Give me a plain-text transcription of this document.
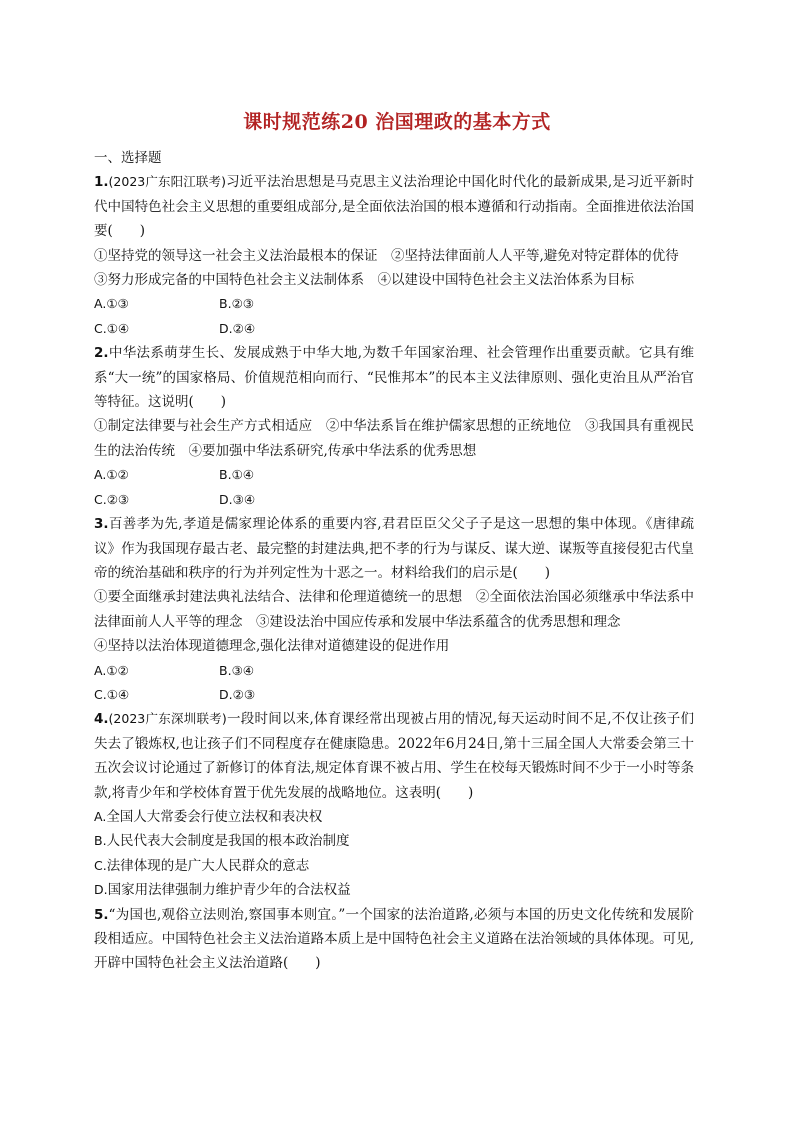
课时规范练20 治国理政的基本方式

一、选择题

1.(2023广东阳江联考)习近平法治思想是马克思主义法治理论中国化时代化的最新成果,是习近平新时代中国特色社会主义思想的重要组成部分,是全面依法治国的根本遵循和行动指南。全面推进依法治国要(　　)

①坚持党的领导这一社会主义法治最根本的保证　②坚持法律面前人人平等,避免对特定群体的优待

③努力形成完备的中国特色社会主义法制体系　④以建设中国特色社会主义法治体系为目标

A.①③	B.②③
C.①④	D.②④

2.中华法系萌芽生长、发展成熟于中华大地,为数千年国家治理、社会管理作出重要贡献。它具有维系“大一统”的国家格局、价值规范相向而行、“民惟邦本”的民本主义法律原则、强化吏治且从严治官等特征。这说明(　　)

①制定法律要与社会生产方式相适应　②中华法系旨在维护儒家思想的正统地位　③我国具有重视民生的法治传统　④要加强中华法系研究,传承中华法系的优秀思想

A.①②	B.①④
C.②③	D.③④

3.百善孝为先,孝道是儒家理论体系的重要内容,君君臣臣父父子子是这一思想的集中体现。《唐律疏议》作为我国现存最古老、最完整的封建法典,把不孝的行为与谋反、谋大逆、谋叛等直接侵犯古代皇帝的统治基础和秩序的行为并列定性为十恶之一。材料给我们的启示是(　　)

①要全面继承封建法典礼法结合、法律和伦理道德统一的思想　②全面依法治国必须继承中华法系中法律面前人人平等的理念　③建设法治中国应传承和发展中华法系蕴含的优秀思想和理念

④坚持以法治体现道德理念,强化法律对道德建设的促进作用

A.①②	B.③④
C.①④	D.②③

4.(2023广东深圳联考)一段时间以来,体育课经常出现被占用的情况,每天运动时间不足,不仅让孩子们失去了锻炼权,也让孩子们不同程度存在健康隐患。2022年6月24日,第十三届全国人大常委会第三十五次会议讨论通过了新修订的体育法,规定体育课不被占用、学生在校每天锻炼时间不少于一小时等条款,将青少年和学校体育置于优先发展的战略地位。这表明(　　)

A.全国人大常委会行使立法权和表决权

B.人民代表大会制度是我国的根本政治制度

C.法律体现的是广大人民群众的意志

D.国家用法律强制力维护青少年的合法权益

5.“为国也,观俗立法则治,察国事本则宜。”一个国家的法治道路,必须与本国的历史文化传统和发展阶段相适应。中国特色社会主义法治道路本质上是中国特色社会主义道路在法治领域的具体体现。可见,开辟中国特色社会主义法治道路(　　)
